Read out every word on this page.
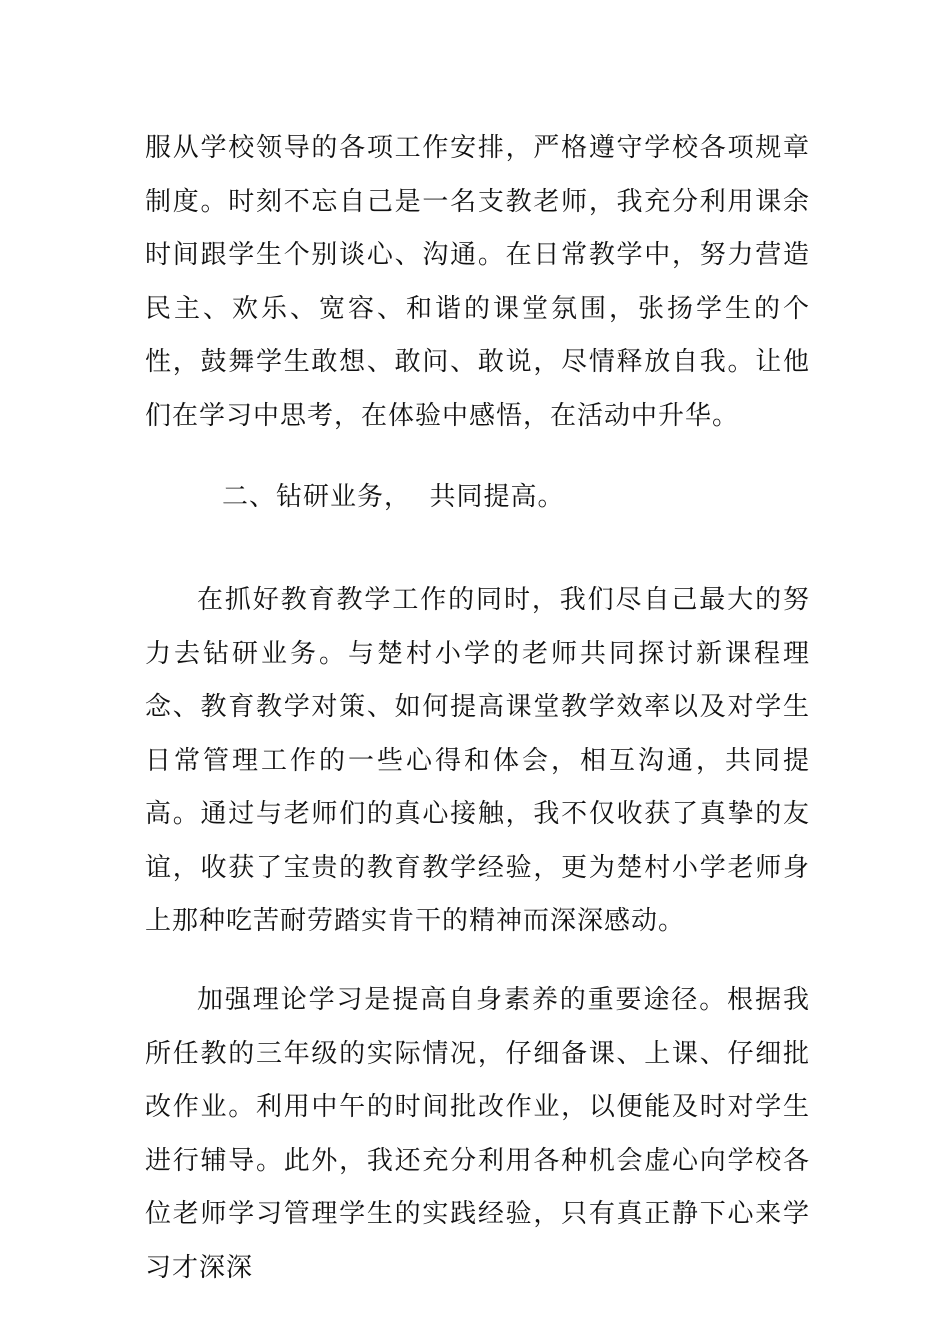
服从学校领导的各项工作安排，严格遵守学校各项规章制度。时刻不忘自己是一名支教老师，我充分利用课余时间跟学生个别谈心、沟通。在日常教学中，努力营造民主、欢乐、宽容、和谐的课堂氛围，张扬学生的个性，鼓舞学生敢想、敢问、敢说，尽情释放自我。让他们在学习中思考，在体验中感悟，在活动中升华。

二、钻研业务，  共同提高。

在抓好教育教学工作的同时，我们尽自己最大的努力去钻研业务。与楚村小学的老师共同探讨新课程理念、教育教学对策、如何提高课堂教学效率以及对学生日常管理工作的一些心得和体会，相互沟通，共同提高。通过与老师们的真心接触，我不仅收获了真挚的友谊，收获了宝贵的教育教学经验，更为楚村小学老师身上那种吃苦耐劳踏实肯干的精神而深深感动。

加强理论学习是提高自身素养的重要途径。根据我所任教的三年级的实际情况，仔细备课、上课、仔细批改作业。利用中午的时间批改作业，以便能及时对学生进行辅导。此外，我还充分利用各种机会虚心向学校各位老师学习管理学生的实践经验，只有真正静下心来学习才深深
